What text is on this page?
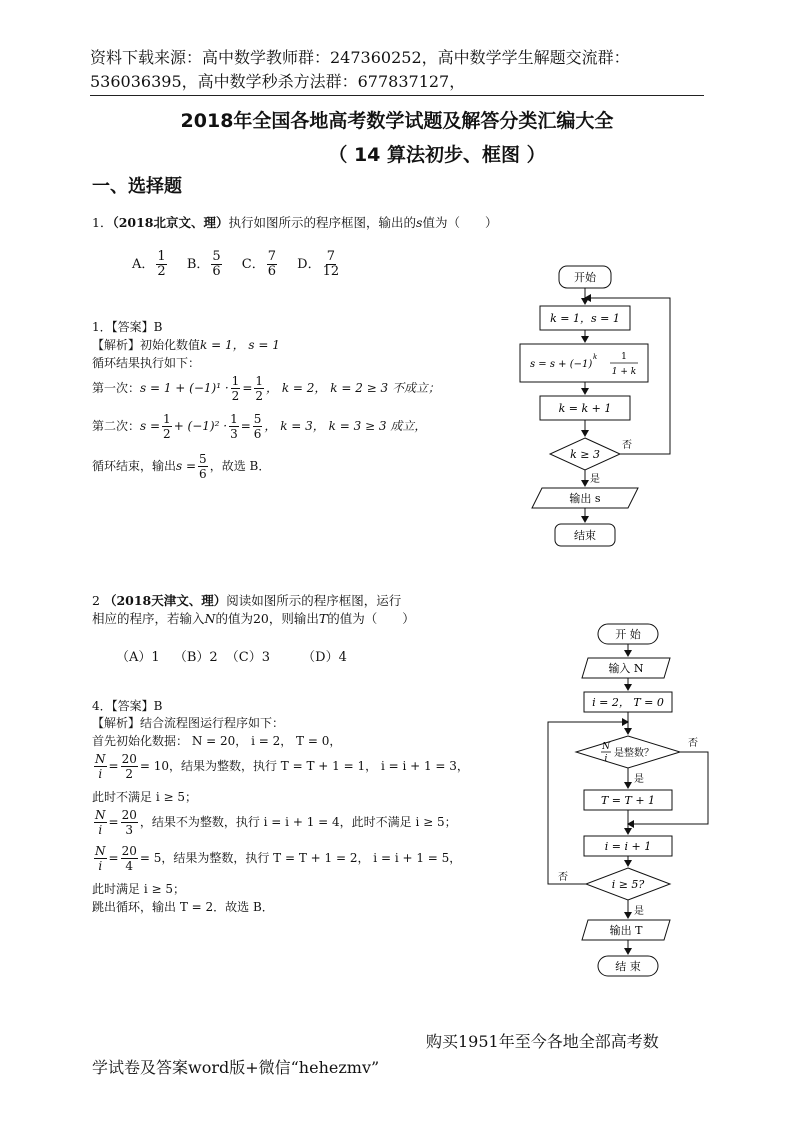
资料下载来源：高中数学教师群：247360252，高中数学学生解题交流群：
536036395，高中数学秒杀方法群：677837127，
2018年全国各地高考数学试题及解答分类汇编大全
（ 14 算法初步、框图 ）
一、选择题
1．（2018北京文、理）执行如图所示的程序框图，输出的s值为（　　）
A． $\frac{1}{2}$ B． $\frac{5}{6}$ C． $\frac{7}{6}$ D． $\frac{7}{12}$
1．【答案】B
【解析】初始化数值k = 1， s = 1
循环结果执行如下：
第一次：$s = 1 + (-1)^1 \cdot \frac{1}{2} = \frac{1}{2}$ ， k = 2， k = 2 ≥ 3 不成立；
第二次：$s = \frac{1}{2} + (-1)^2 \cdot \frac{1}{3} = \frac{5}{6}$ ， k = 3， k = 3 ≥ 3 成立，
循环结束，输出$s = \frac{5}{6}$ ，故选 B．
开始
k = 1，s = 1
s = s + (−1)
k	1
1 + k
k = k + 1
k ≥ 3
否
是
输出 s
结束
2 （2018天津文、理）阅读如图所示的程序框图，运行
相应的程序，若输入N的值为20，则输出T的值为（　　）
（A）1 （B）2 （C）3 （D）4
4．【答案】B
【解析】结合流程图运行程序如下：
首先初始化数据： N = 20， i = 2， T = 0，
$\frac{N}{i} = \frac{20}{2} = 10$，结果为整数，执行 T = T + 1 = 1， i = i + 1 = 3，
此时不满足 i ≥ 5；
$\frac{N}{i} = \frac{20}{3}$ ，结果不为整数，执行 i = i + 1 = 4，此时不满足 i ≥ 5；
$\frac{N}{i} = \frac{20}{4} = 5$，结果为整数，执行 T = T + 1 = 2， i = i + 1 = 5，
此时满足 i ≥ 5；
跳出循环，输出 T = 2．故选 B．
开 始
输入 N
i = 2， T = 0
N
i 是整数？
否
是
T = T + 1
i = i + 1
i ≥ 5?
否
是
输出 T
结 束
购买1951年至今各地全部高考数
学试卷及答案word版+微信“hehezmv”
